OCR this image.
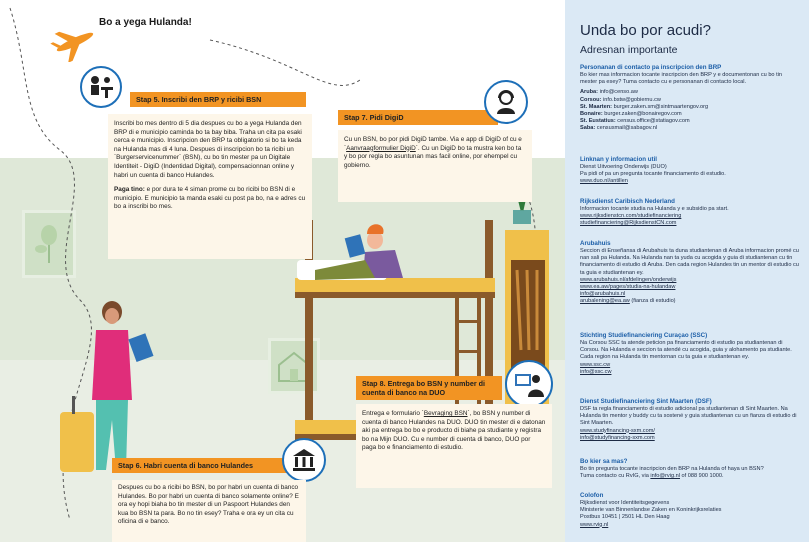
Bo a yega Hulanda!
Stap 5. Inscribi den BRP y ricibi BSN

Inscribi bo mes dentro di 5 dia despues cu bo a yega Hulanda den BRP di e municipio caminda bo ta bay biba. Traha un cita pa esaki cerca e municipio. Inscripcion den BRP ta obligatorio si bo ta keda na Hulanda mas di 4 luna. Despues di inscripcion bo ta ricibi un `Burgerservicenummer` (BSN), cu bo tin mester pa un Digitale Identiteit - DigiD (Indentidad Digital), compensacionnan online y habri un cuenta di banco Hulandes.

Paga tino: e por dura te 4 siman prome cu bo ricibi bo BSN di e municipio. E municipio ta manda esaki cu post pa bo, na e adres cu bo a inscribi bo mes.

Stap 7. Pidi DigiD

Cu un BSN, bo por pidi DigiD tambe. Via e app di DigiD of cu e `Aanvraagformulier DigiD`. Cu un DigiD bo ta mustra ken bo ta y bo por regla bo asuntunan mas facil online, por ehempel cu gobierno.

Stap 8. Entrega bo BSN y number di cuenta di banco na DUO

Entrega e formulario `Bevraging BSN`, bo BSN y number di cuenta di banco Hulandes na DUO. DUO tin mester di e datonan aki pa entrega bo bo e producto di biahe pa studiante y registra bo na Mijn DUO. Cu e number di cuenta di banco, DUO por paga bo e financiamento di estudio.

Stap 6. Habri cuenta di banco Hulandes

Despues cu bo a ricibi bo BSN, bo por habri un cuenta di banco Hulandes. Bo por habri un cuenta di banco solamente online? E ora ey hopi biaha bo tin mester di un Paspoort Hulandes den kua bo BSN ta para. Bo no tin esey? Traha e ora ey un cita cu oficina di e banco.

Unda bo por acudi?
Adresnan importante
Personanan di contacto pa inscripcion den BRP
Bo kier mas informacion tocante inscripcion den BRP y e documentonan cu bo tin mester pa esey? Tuma contacto cu e personanan di contacto local.
Aruba: info@censo.aw
Corsou: info.bstw@gobiernu.cw
St. Maarten: burger.zaken.sm@sintmaartengov.org
Bonaire: burger.zaken@bonairegov.com
St. Eustatius: census.office@statiagov.com
Saba: censusmail@sabagov.nl
Linknan y informacion util
Dienst Uitvoering Onderwijs (DUO)
Pa pidi of pa un pregunta tocante financiamento di estudio.
www.duo.nl/antillen
Rijksdienst Caribisch Nederland
Informacion tocante studia na Hulanda y e subsidio pa start.
www.rijksdienstcn.com/studiefinanciering
studiefinanciering@RijksdienstCN.com
Arubahuis
Seccion di Enseñansa di Arubahuis ta duna studiantenan di Aruba informacion promé cu nan sali pa Hulanda. Na Hulanda nan ta yuda cu acogida y guia di studiantenan cu tin financiamento di estudio di Aruba. Den cada region Hulandes tin un mentor di estudio cu ta guia e studiantenan ey.
www.arubahuis.nl/afdelingen/onderwijs
www.ea.aw/pages/studia-na-hulandaw
info@arubahuis.nl
arubalening@ea.aw (fianza di estudio)
Stichting Studiefinanciering Curaçao (SSC)
Na Corsou SSC ta atende peticion pa financiamento di estudio pa studiantenan di Corsou. Na Hulanda e seccion ta atendé cu acogida, guia y alohamento pa studiante. Cada region na Hulanda tin mentornan cu ta guia e studiantenan ey.
www.ssc.cw
info@ssc.cw
Dienst Studiefinanciering Sint Maarten (DSF)
DSF ta regla financiamento di estudio adicional pa studiantenan di Sint Maarten. Na Hulanda tin mentor y buddy cu ta sostené y guia studiantenan cu un fianza di estudio di Sint Maarten.
www.studyfinancing-sxm.com/
info@studyfinancing-sxm.com
Bo kier sa mas?
Bo tin pregunta tocante inscripcion den BRP na Hulanda of haya un BSN?
Tuma contacto cu RvIG, via info@rvig.nl of 088 900 1000.
Colofon
Rijksdienst voor Identiteitsgegevens
Ministerie van Binnenlandse Zaken en Koninkrijksrelaties
Postbus 10451 | 2501 HL Den Haag
www.rvig.nl
